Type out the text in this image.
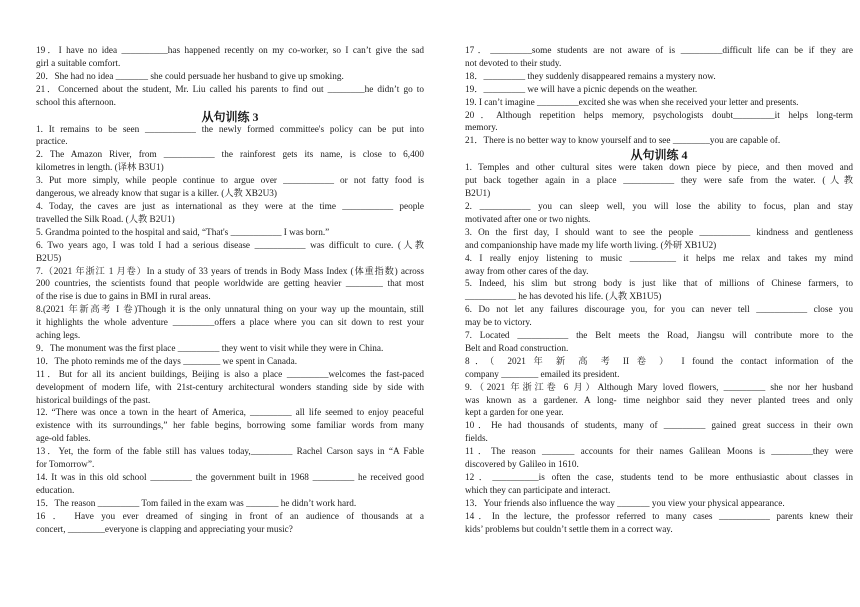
19．I have no idea __________has happened recently on my co-worker, so I can’t give the sad

girl a suitable comfort.

20．She had no idea _______ she could persuade her husband to give up smoking.

21．Concerned about the student, Mr. Liu called his parents to find out ________he didn’t go to

school this afternoon.

从句训练 3

1. It remains to be seen ___________ the newly formed committee's policy can be put into

practice.

2. The Amazon River, from ___________ the rainforest gets its name, is close to 6,400

kilometres in length. (译林 B3U1)

3. Put more simply, while people continue to argue over ___________ or not fatty food is

dangerous, we already know that sugar is a killer. (人教 XB2U3)

4. Today, the caves are just as international as they were at the time ___________ people

travelled the Silk Road. (人教 B2U1)

5. Grandma pointed to the hospital and said, “That's ___________ I was born.”

6. Two years ago, I was told I had a serious disease ___________ was difficult to cure. (人教

B2U5)

7.（2021 年浙江 1 月卷）In a study of 33 years of trends in Body Mass Index (体重指数) across

200 countries, the scientists found that people worldwide are getting heavier ________ that most

of the rise is due to gains in BMI in rural areas.

8.(2021 年新高考 I 卷)Though it is the only unnatural thing on your way up the mountain, still

it highlights the whole adventure _________offers a place where you can sit down to rest your

aching legs.

9．The monument was the first place _________ they went to visit while they were in China.

10．The photo reminds me of the days ________ we spent in Canada.

11．But for all its ancient buildings, Beijing is also a place _________welcomes the fast-paced

development of modern life, with 21st-century architectural wonders standing side by side with

historical buildings of the past.

12. “There was once a town in the heart of America, _________ all life seemed to enjoy peaceful

existence with its surroundings,” her fable begins, borrowing some familiar words from many

age-old fables.

13．Yet, the form of the fable still has values today,_________ Rachel Carson says in “A Fable

for Tomorrow”.

14. It was in this old school _________ the government built in 1968 _________ he received good

education.

15．The reason _________ Tom failed in the exam was _______ he didn’t work hard.

16 ． Have you ever dreamed of singing in front of an audience of thousands at a

concert, ________everyone is clapping and appreciating your music?

17．_________some students are not aware of is _________difficult life can be if they are

not devoted to their study.

18．_________ they suddenly disappeared remains a mystery now.

19．_________ we will have a picnic depends on the weather.

19. I can’t imagine _________excited she was when she received your letter and presents.

20．Although repetition helps memory, psychologists doubt_________it helps long-term

memory.

21．There is no better way to know yourself and to see ________you are capable of.

从句训练 4

1. Temples and other cultural sites were taken down piece by piece, and then moved and

put back together again in a place ___________ they were safe from the water. (人教

B2U1)

2. ___________ you can sleep well, you will lose the ability to focus, plan and stay

motivated after one or two nights.

3. On the first day, I should want to see the people ___________ kindness and gentleness

and companionship have made my life worth living. (外研 XB1U2)

4. I really enjoy listening to music __________ it helps me relax and takes my mind

away from other cares of the day.

5. Indeed, his slim but strong body is just like that of millions of Chinese farmers, to

___________ he has devoted his life. (人教 XB1U5)

6. Do not let any failures discourage you, for you can never tell ___________ close you

may be to victory.

7. Located ___________ the Belt meets the Road, Jiangsu will contribute more to the

Belt and Road construction.

8．（ 2021 年 新 高 考 II 卷 ） I found the contact information of the

company ________ emailed its president.

9.（2021 年浙江卷 6 月）Although Mary loved flowers, _________ she nor her husband

was known as a gardener. A long- time neighbor said they never planted trees and only

kept a garden for one year.

10．He had thousands of students, many of _________ gained great success in their own

fields.

11．The reason _______ accounts for their names Galilean Moons is _________they were

discovered by Galileo in 1610.

12．__________is often the case, students tend to be more enthusiastic about classes in

which they can participate and interact.

13．Your friends also influence the way _______ you view your physical appearance.

14．In the lecture, the professor referred to many cases ___________ parents knew their

kids’ problems but couldn’t settle them in a correct way.
